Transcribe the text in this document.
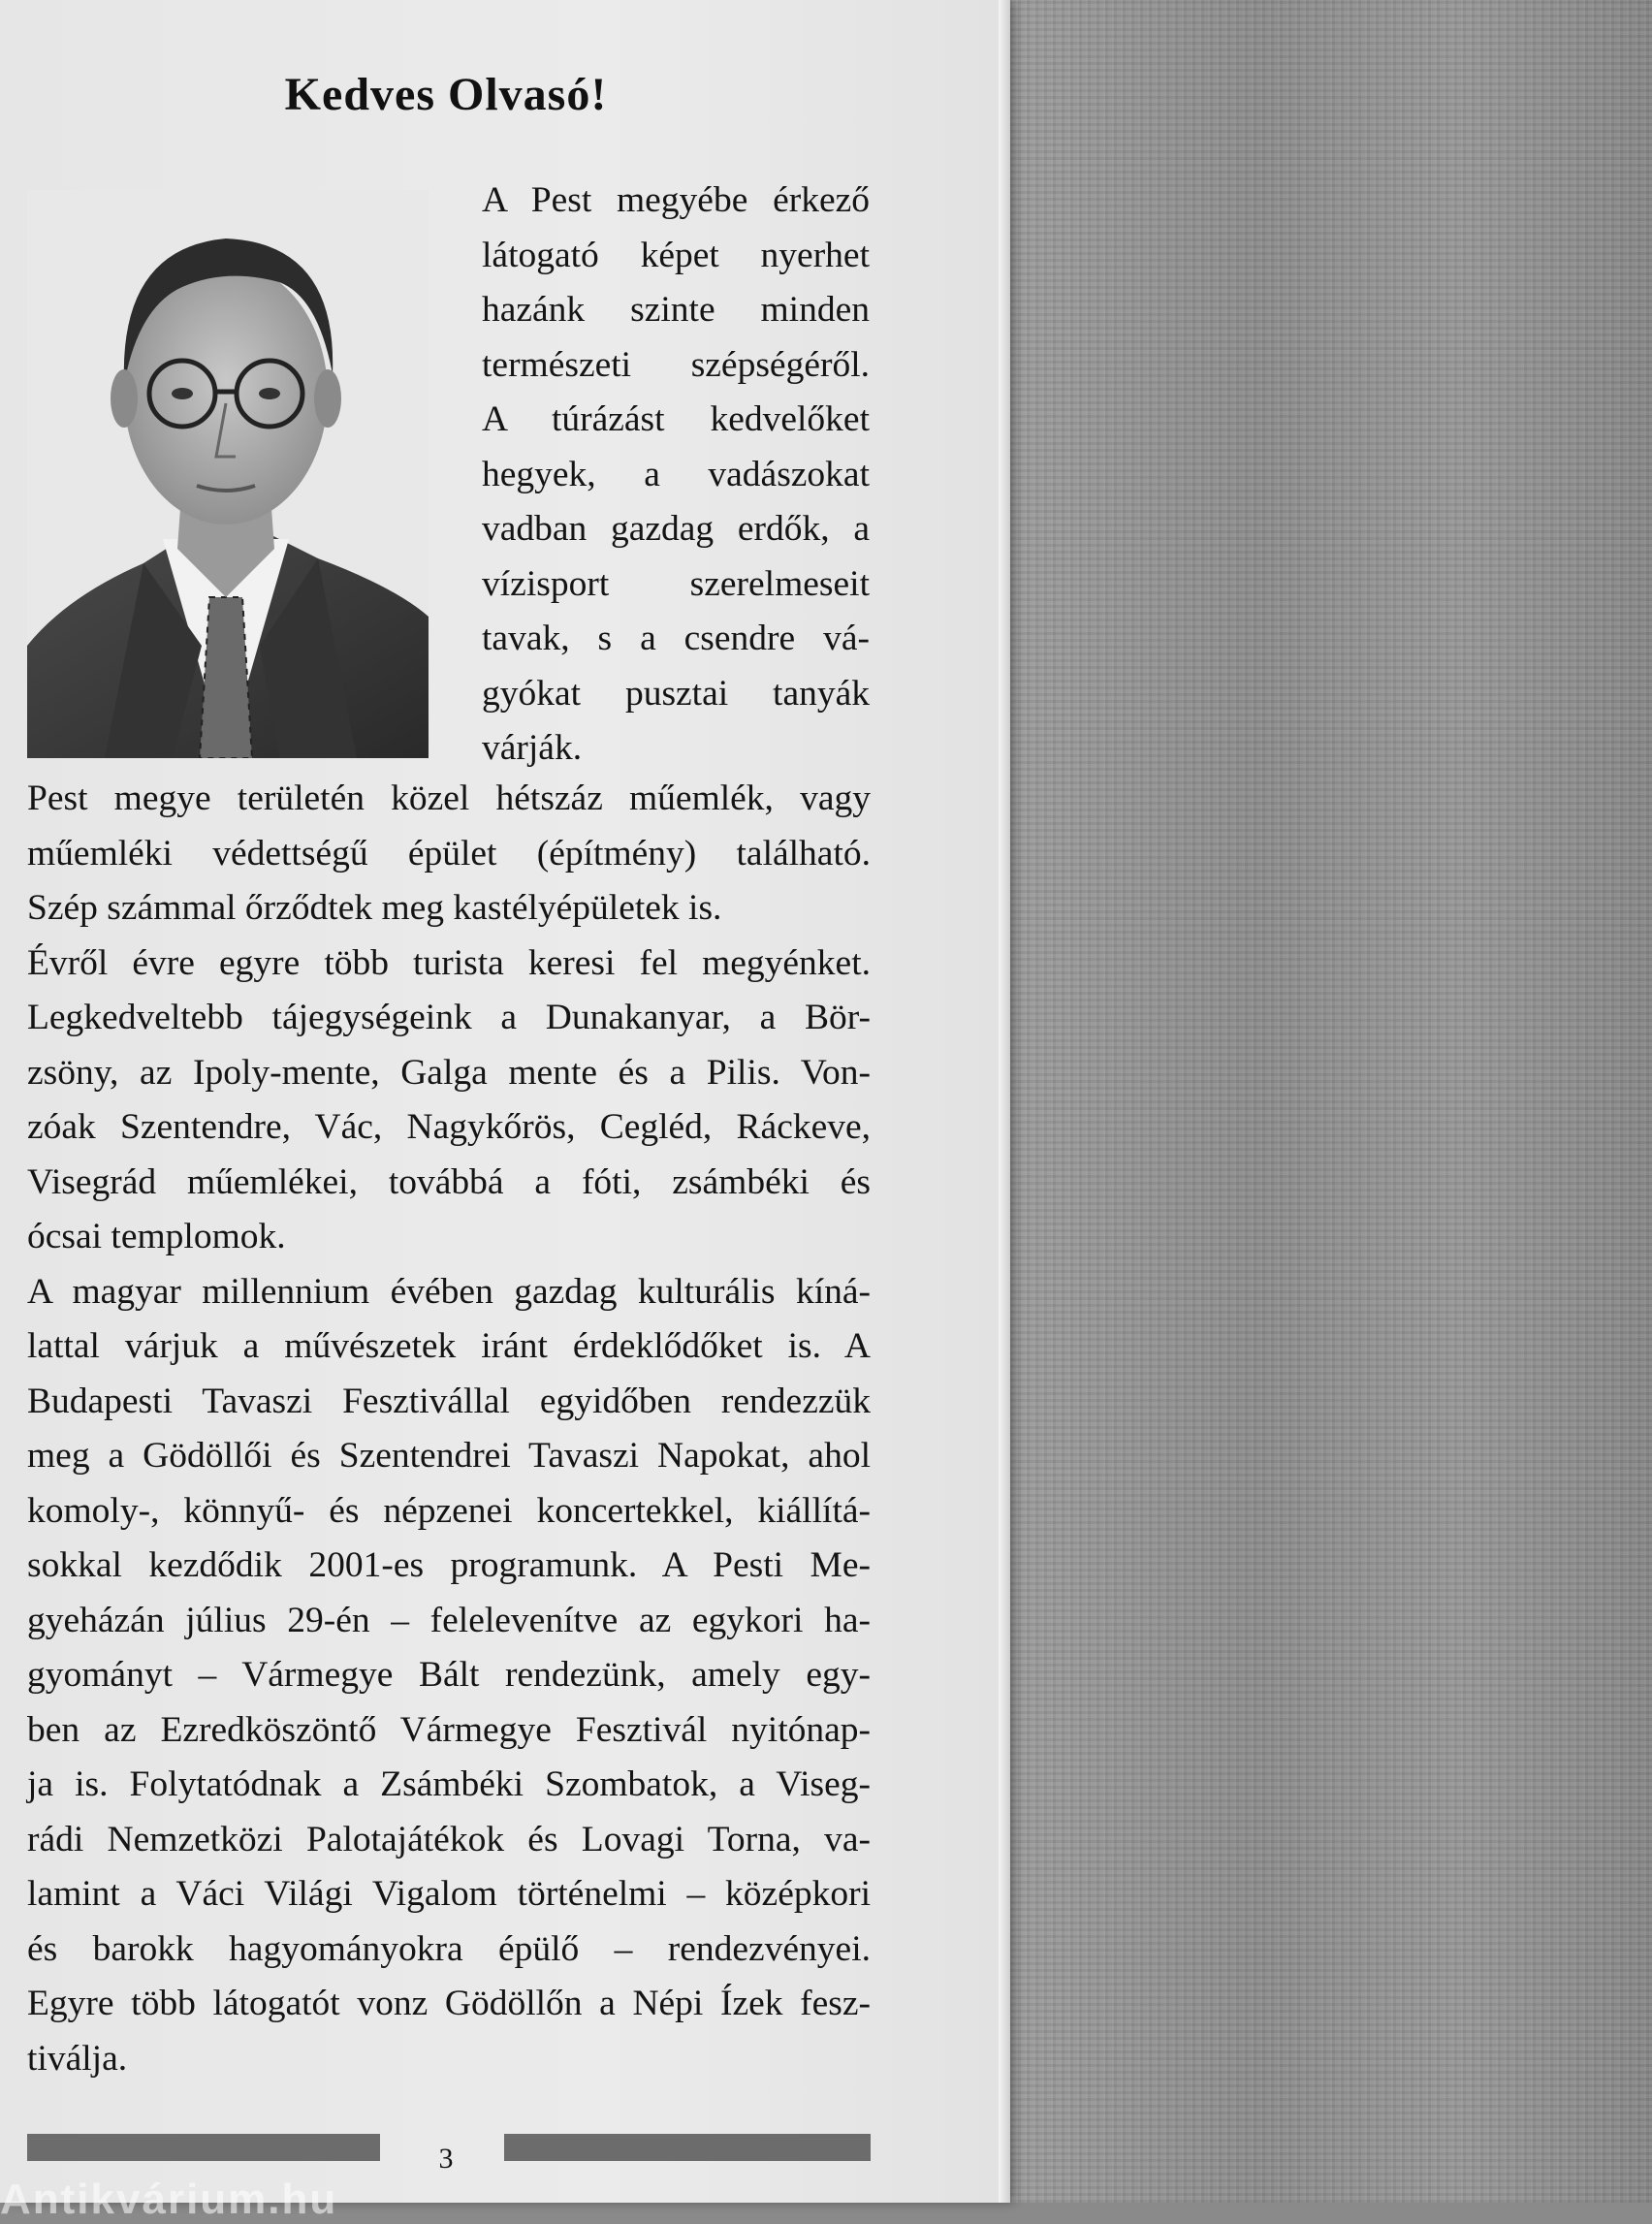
Kedves Olvasó!
A Pest megyébe érkező
látogató képet nyerhet
hazánk szinte minden
természeti szépségéről.
A túrázást kedvelőket
hegyek, a vadászokat
vadban gazdag erdők, a
vízisport szerelmeseit
tavak, s a csendre vá-
gyókat pusztai tanyák
várják.
Pest megye területén közel hétszáz műemlék, vagy
műemléki védettségű épület (építmény) található.
Szép számmal őrződtek meg kastélyépületek is.
Évről évre egyre több turista keresi fel megyénket.
Legkedveltebb tájegységeink a Dunakanyar, a Bör-
zsöny, az Ipoly-mente, Galga mente és a Pilis. Von-
zóak Szentendre, Vác, Nagykőrös, Cegléd, Ráckeve,
Visegrád műemlékei, továbbá a fóti, zsámbéki és
ócsai templomok.
A magyar millennium évében gazdag kulturális kíná-
lattal várjuk a művészetek iránt érdeklődőket is. A
Budapesti Tavaszi Fesztivállal egyidőben rendezzük
meg a Gödöllői és Szentendrei Tavaszi Napokat, ahol
komoly-, könnyű- és népzenei koncertekkel, kiállítá-
sokkal kezdődik 2001-es programunk. A Pesti Me-
gyeházán július 29-én – felelevenítve az egykori ha-
gyományt – Vármegye Bált rendezünk, amely egy-
ben az Ezredköszöntő Vármegye Fesztivál nyitónap-
ja is. Folytatódnak a Zsámbéki Szombatok, a Viseg-
rádi Nemzetközi Palotajátékok és Lovagi Torna, va-
lamint a Váci Világi Vigalom történelmi – középkori
és barokk hagyományokra épülő – rendezvényei.
Egyre több látogatót vonz Gödöllőn a Népi Ízek fesz-
tiválja.
3
Antikvárium.hu
